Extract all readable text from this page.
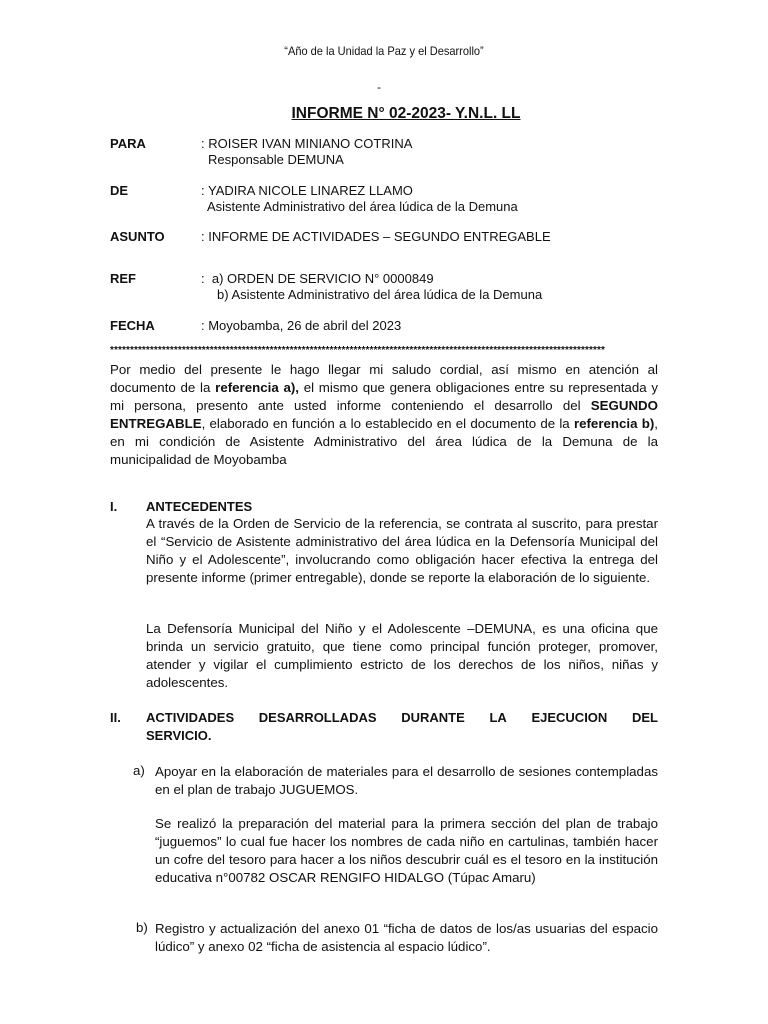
“Año de la Unidad la Paz y el Desarrollo”
-
INFORME N° 02-2023- Y.N.L. LL
PARA	: ROISER IVAN MINIANO COTRINA
Responsable DEMUNA
DE	: YADIRA NICOLE LINAREZ LLAMO
Asistente Administrativo del área lúdica de la Demuna
ASUNTO	: INFORME DE ACTIVIDADES – SEGUNDO ENTREGABLE
REF	:  a) ORDEN DE SERVICIO N° 0000849
b) Asistente Administrativo del área lúdica de la Demuna
FECHA	: Moyobamba, 26 de abril del 2023
****************************************************************************************************************************

Por medio del presente le hago llegar mi saludo cordial, así mismo en atención al documento de la referencia a), el mismo que genera obligaciones entre su representada y mi persona, presento ante usted informe conteniendo el desarrollo del SEGUNDO ENTREGABLE, elaborado en función a lo establecido en el documento de la referencia b), en mi condición de Asistente Administrativo del área lúdica de la Demuna de la municipalidad de Moyobamba

I. ANTECEDENTES
A través de la Orden de Servicio de la referencia, se contrata al suscrito, para prestar el “Servicio de Asistente administrativo del área lúdica en la Defensoría Municipal del Niño y el Adolescente”, involucrando como obligación hacer efectiva la entrega del presente informe (primer entregable), donde se reporte la elaboración de lo siguiente.
La Defensoría Municipal del Niño y el Adolescente –DEMUNA, es una oficina que brinda un servicio gratuito, que tiene como principal función proteger, promover, atender y vigilar el cumplimiento estricto de los derechos de los niños, niñas y adolescentes.
II. ACTIVIDADES DESARROLLADAS DURANTE LA EJECUCION DEL
SERVICIO.
a) Apoyar en la elaboración de materiales para el desarrollo de sesiones contempladas en el plan de trabajo JUGUEMOS.
Se realizó la preparación del material para la primera sección del plan de trabajo “juguemos” lo cual fue hacer los nombres de cada niño en cartulinas, también hacer un cofre del tesoro para hacer a los niños descubrir cuál es el tesoro en la institución educativa n°00782 OSCAR RENGIFO HIDALGO (Túpac Amaru)
b) Registro y actualización del anexo 01 “ficha de datos de los/as usuarias del espacio lúdico” y anexo 02 “ficha de asistencia al espacio lúdico”.
